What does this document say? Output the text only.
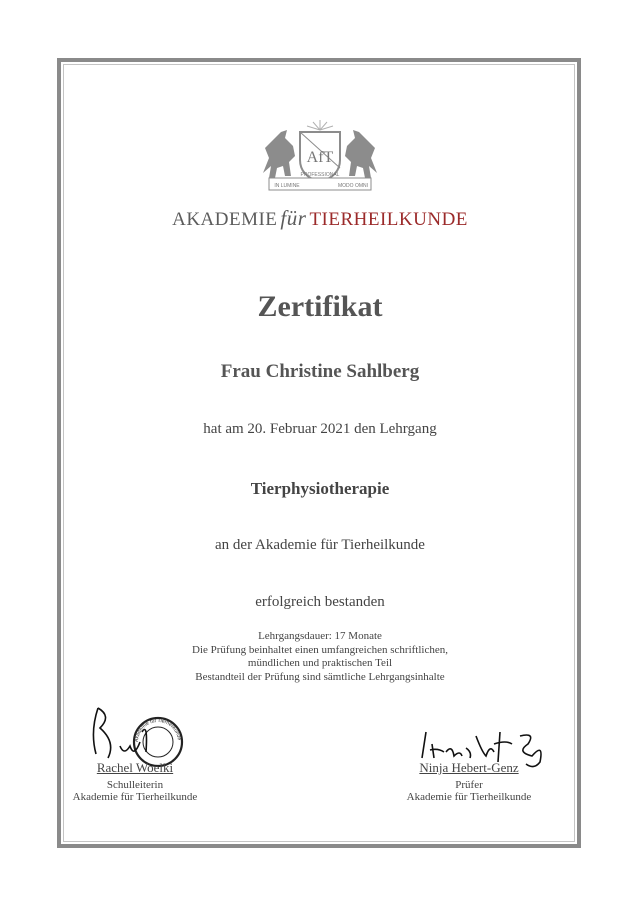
AfT
IN LUMINE
PROFESSIONAL
MODO OMNI
AKADEMIE für TIERHEILKUNDE
Zertifikat
Frau Christine Sahlberg
hat am 20. Februar 2021 den Lehrgang
Tierphysiotherapie
an der Akademie für Tierheilkunde
erfolgreich bestanden
Lehrgangsdauer: 17 Monate
Die Prüfung beinhaltet einen umfangreichen schriftlichen,
mündlichen und praktischen Teil
Bestandteil der Prüfung sind sämtliche Lehrgangsinhalte
Akademie für Tierheilkunde
Rachel Woelki
Schulleiterin
Akademie für Tierheilkunde
Ninja Hebert-Genz
Prüfer
Akademie für Tierheilkunde
